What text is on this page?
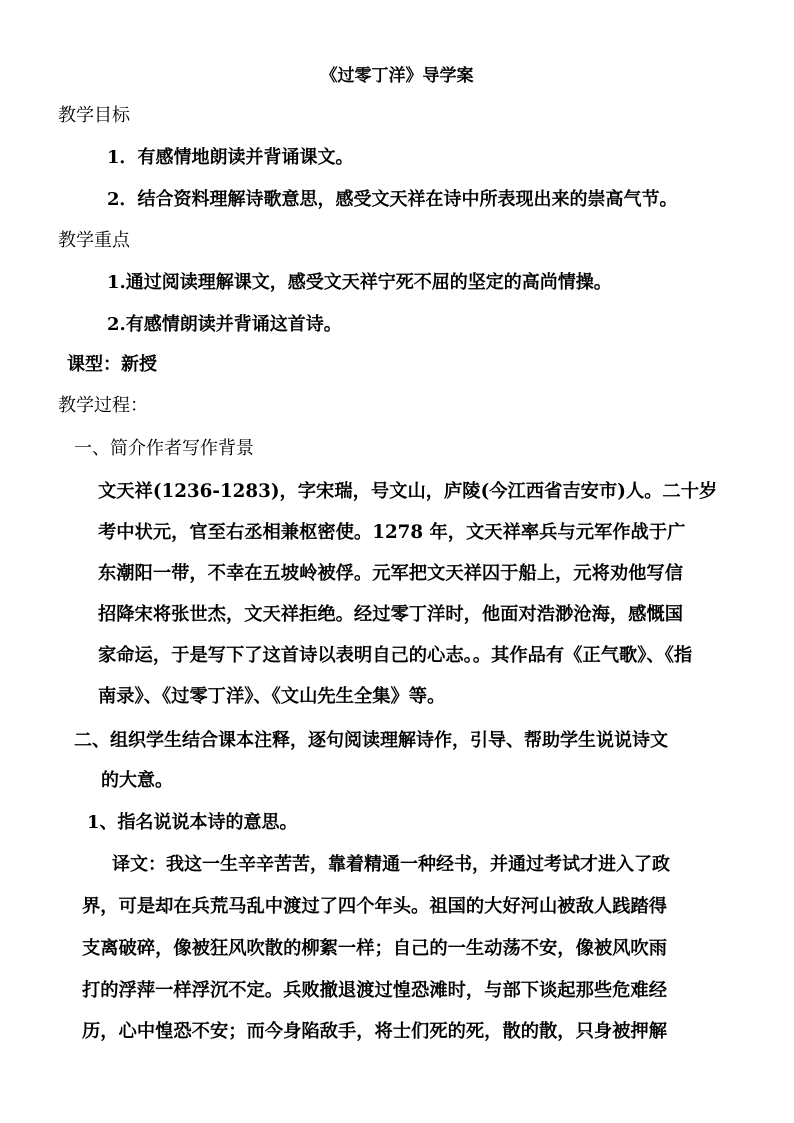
《过零丁洋》导学案
教学目标
1．有感情地朗读并背诵课文。
2．结合资料理解诗歌意思，感受文天祥在诗中所表现出来的崇高气节。
教学重点
1.通过阅读理解课文，感受文天祥宁死不屈的坚定的高尚情操。
2.有感情朗读并背诵这首诗。
课型：新授
教学过程：
一、简介作者写作背景
文天祥(1236-1283)，字宋瑞，号文山，庐陵(今江西省吉安市)人。二十岁
考中状元，官至右丞相兼枢密使。1278 年，文天祥率兵与元军作战于广
东潮阳一带，不幸在五坡岭被俘。元军把文天祥囚于船上，元将劝他写信
招降宋将张世杰，文天祥拒绝。经过零丁洋时，他面对浩渺沧海，感慨国
家命运，于是写下了这首诗以表明自己的心志。。其作品有《正气歌》、《指
南录》、《过零丁洋》、《文山先生全集》等。
二、组织学生结合课本注释，逐句阅读理解诗作，引导、帮助学生说说诗文
的大意。
1、指名说说本诗的意思。
译文：我这一生辛辛苦苦，靠着精通一种经书，并通过考试才进入了政
界，可是却在兵荒马乱中渡过了四个年头。祖国的大好河山被敌人践踏得
支离破碎，像被狂风吹散的柳絮一样；自己的一生动荡不安，像被风吹雨
打的浮萍一样浮沉不定。兵败撤退渡过惶恐滩时，与部下谈起那些危难经
历，心中惶恐不安；而今身陷敌手，将士们死的死，散的散，只身被押解
